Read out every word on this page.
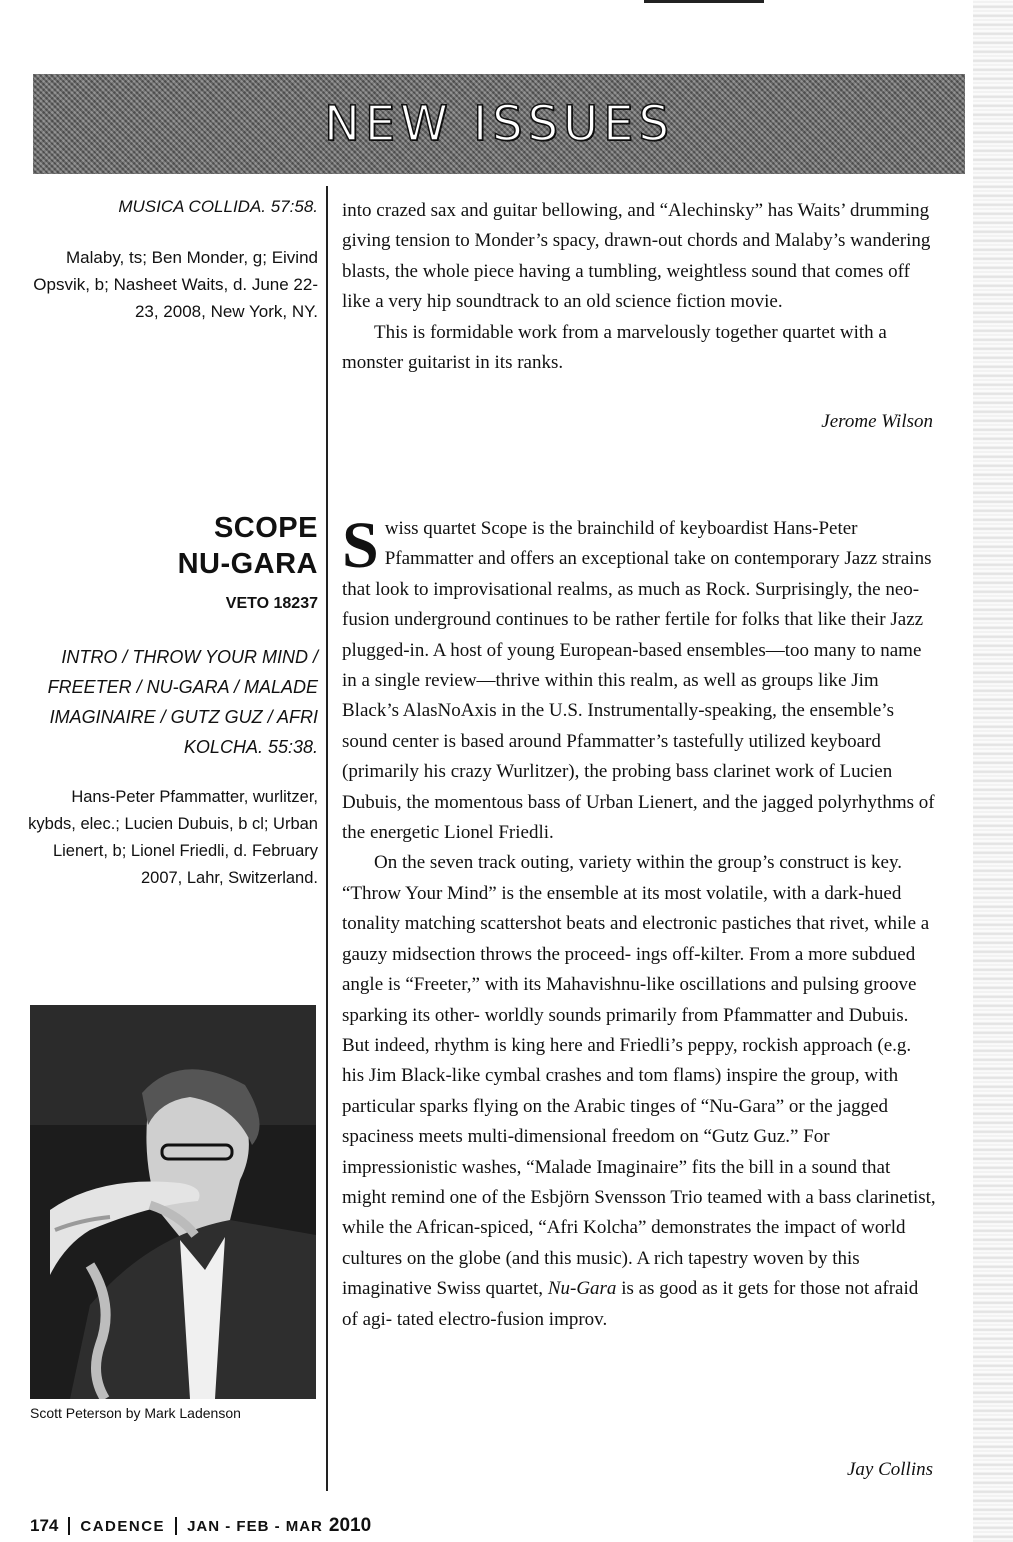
NEW ISSUES
MUSICA COLLIDA. 57:58.
Malaby, ts; Ben Monder, g; Eivind Opsvik, b; Nasheet Waits, d. June 22-23, 2008, New York, NY.

into crazed sax and guitar bellowing, and “Alechinsky” has Waits’ drumming giving tension to Monder’s spacy, drawn-out chords and Malaby’s wandering blasts, the whole piece having a tumbling, weightless sound that comes off like a very hip soundtrack to an old science fiction movie.

This is formidable work from a marvelously together quartet with a monster guitarist in its ranks.

Jerome Wilson
SCOPE
NU-GARA
VETO 18237
INTRO / THROW YOUR MIND / FREETER / NU-GARA / MALADE IMAGINAIRE / GUTZ GUZ / AFRI KOLCHA. 55:38.
Hans-Peter Pfammatter, wurlitzer, kybds, elec.; Lucien Dubuis, b cl; Urban Lienert, b; Lionel Friedli, d. February 2007, Lahr, Switzerland.
Scott Peterson by Mark Ladenson

Swiss quartet Scope is the brainchild of keyboardist Hans-Peter Pfammatter and offers an exceptional take on contemporary Jazz strains that look to improvisational realms, as much as Rock. Surprisingly, the neo-fusion underground continues to be rather fertile for folks that like their Jazz plugged-in. A host of young European-based ensembles—too many to name in a single review—thrive within this realm, as well as groups like Jim Black’s AlasNoAxis in the U.S. Instrumentally-speaking, the ensemble’s sound center is based around Pfammatter’s tastefully utilized keyboard (primarily his crazy Wurlitzer), the probing bass clarinet work of Lucien Dubuis, the momentous bass of Urban Lienert, and the jagged polyrhythms of the energetic Lionel Friedli.

On the seven track outing, variety within the group’s construct is key. “Throw Your Mind” is the ensemble at its most volatile, with a dark-hued tonality matching scattershot beats and electronic pastiches that rivet, while a gauzy midsection throws the proceed- ings off-kilter. From a more subdued angle is “Freeter,” with its Mahavishnu-like oscillations and pulsing groove sparking its other- worldly sounds primarily from Pfammatter and Dubuis. But indeed, rhythm is king here and Friedli’s peppy, rockish approach (e.g. his Jim Black-like cymbal crashes and tom flams) inspire the group, with particular sparks flying on the Arabic tinges of “Nu-Gara” or the jagged spaciness meets multi-dimensional freedom on “Gutz Guz.” For impressionistic washes, “Malade Imaginaire” fits the bill in a sound that might remind one of the Esbjörn Svensson Trio teamed with a bass clarinetist, while the African-spiced, “Afri Kolcha” demonstrates the impact of world cultures on the globe (and this music). A rich tapestry woven by this imaginative Swiss quartet, Nu-Gara is as good as it gets for those not afraid of agi- tated electro-fusion improv.

Jay Collins
174 CADENCE JAN - FEB - MAR 2010
